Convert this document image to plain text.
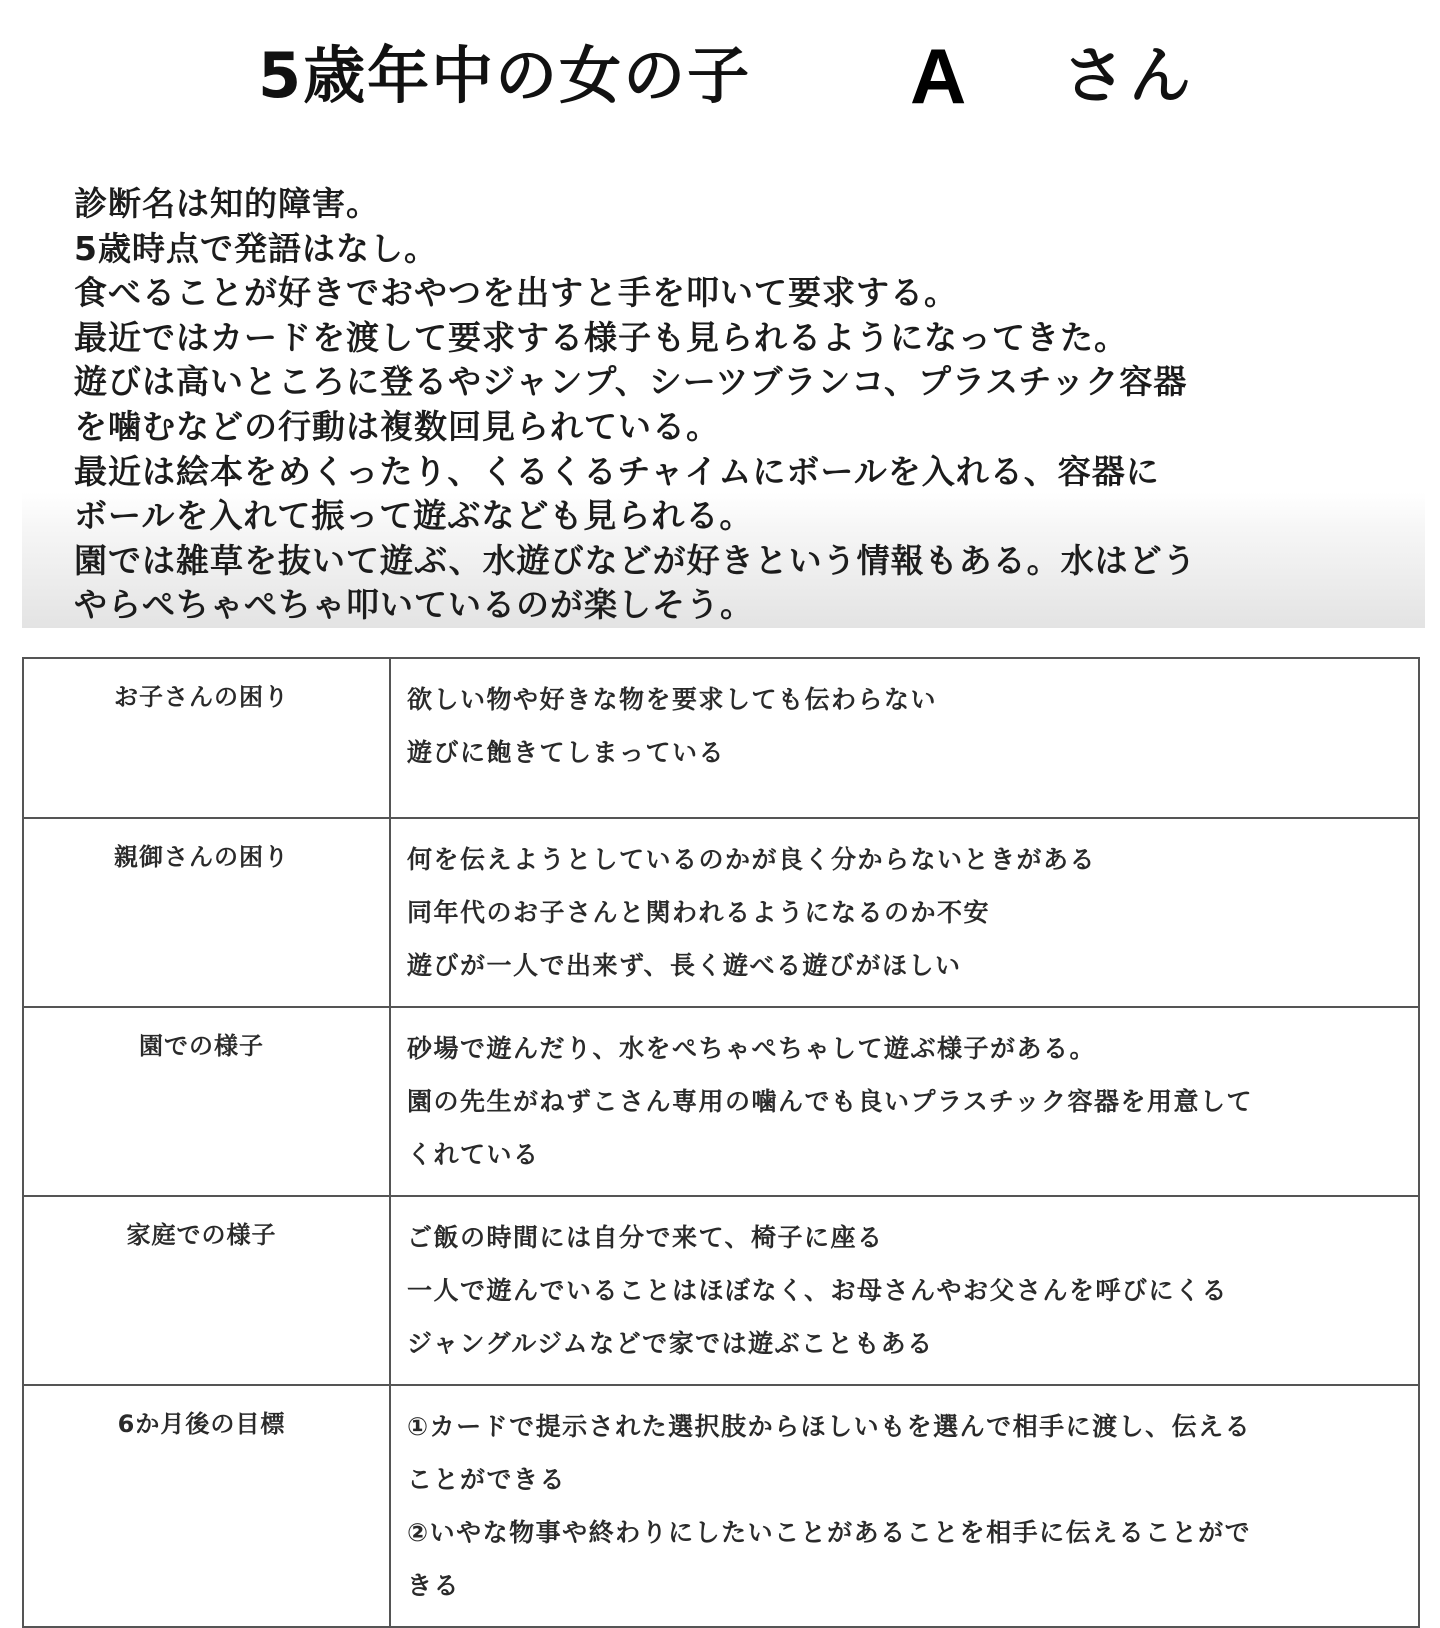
5歳年中の女の子 A さん
診断名は知的障害。
5歳時点で発語はなし。
食べることが好きでおやつを出すと手を叩いて要求する。
最近ではカードを渡して要求する様子も見られるようになってきた。
遊びは高いところに登るやジャンプ、シーツブランコ、プラスチック容器
を噛むなどの行動は複数回見られている。
最近は絵本をめくったり、くるくるチャイムにボールを入れる、容器に
ボールを入れて振って遊ぶなども見られる。
園では雑草を抜いて遊ぶ、水遊びなどが好きという情報もある。水はどう
やらぺちゃぺちゃ叩いているのが楽しそう。
お子さんの困り	欲しい物や好きな物を要求しても伝わらない
遊びに飽きてしまっている

親御さんの困り	何を伝えようとしているのかが良く分からないときがある
同年代のお子さんと関われるようになるのか不安
遊びが一人で出来ず、長く遊べる遊びがほしい

園での様子	砂場で遊んだり、水をぺちゃぺちゃして遊ぶ様子がある。
園の先生がねずこさん専用の噛んでも良いプラスチック容器を用意して
くれている

家庭での様子	ご飯の時間には自分で来て、椅子に座る
一人で遊んでいることはほぼなく、お母さんやお父さんを呼びにくる
ジャングルジムなどで家では遊ぶこともある

6か月後の目標	①カードで提示された選択肢からほしいもを選んで相手に渡し、伝える
ことができる
②いやな物事や終わりにしたいことがあることを相手に伝えることがで
きる
